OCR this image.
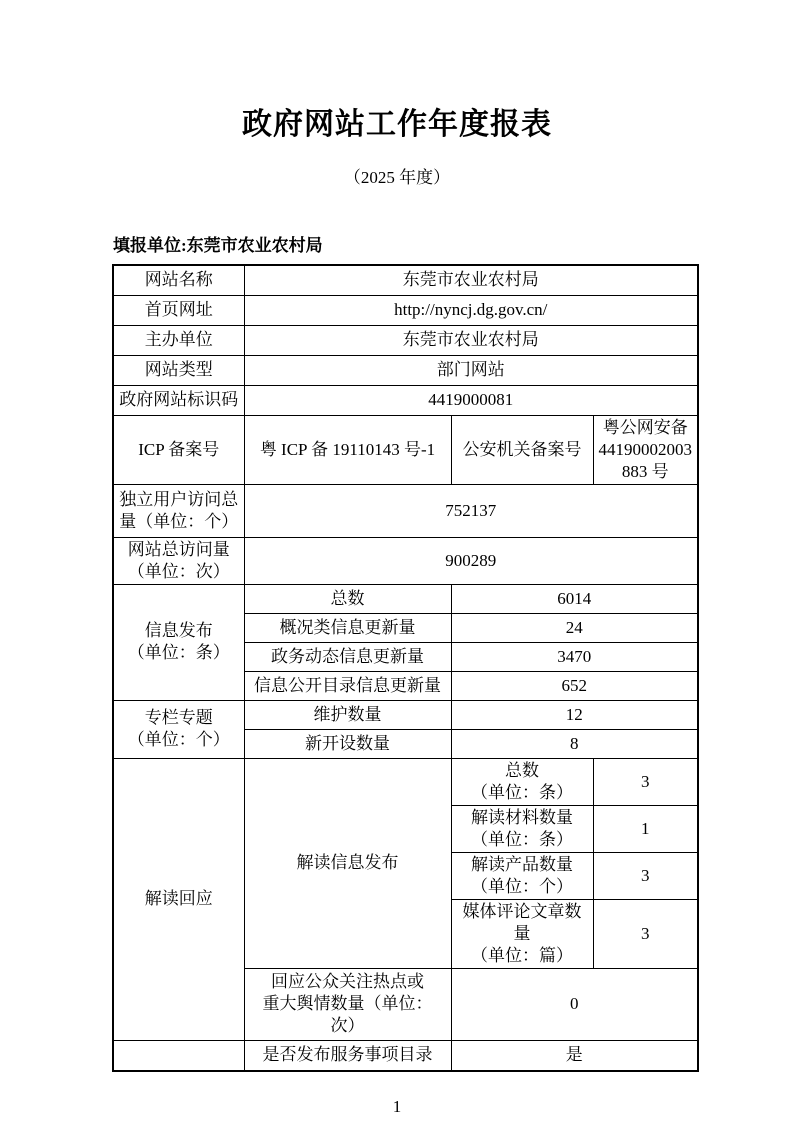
政府网站工作年度报表
（2025 年度）
填报单位:东莞市农业农村局
网站名称	东莞市农业农村局		
首页网址	http://nyncj.dg.gov.cn/		
主办单位	东莞市农业农村局		
网站类型	部门网站		
政府网站标识码	4419000081		
ICP 备案号	粤 ICP 备 19110143 号-1	公安机关备案号	粤公网安备
44190002003
883 号

独立用户访问总
量（单位：个）	752137		

网站总访问量
（单位：次）	900289		

信息发布
（单位：条）	总数	6014	
	概况类信息更新量	24	
	政务动态信息更新量	3470	
	信息公开目录信息更新量	652	

专栏专题
（单位：个）	维护数量	12	
	新开设数量	8	
解读回应	解读信息发布	总数
（单位：条）	3

		解读材料数量
（单位：条）	1

		解读产品数量
（单位：个）	3

		媒体评论文章数量
（单位：篇）	3

	回应公众关注热点或
重大舆情数量（单位：
次）	0	
	是否发布服务事项目录	是	
1
